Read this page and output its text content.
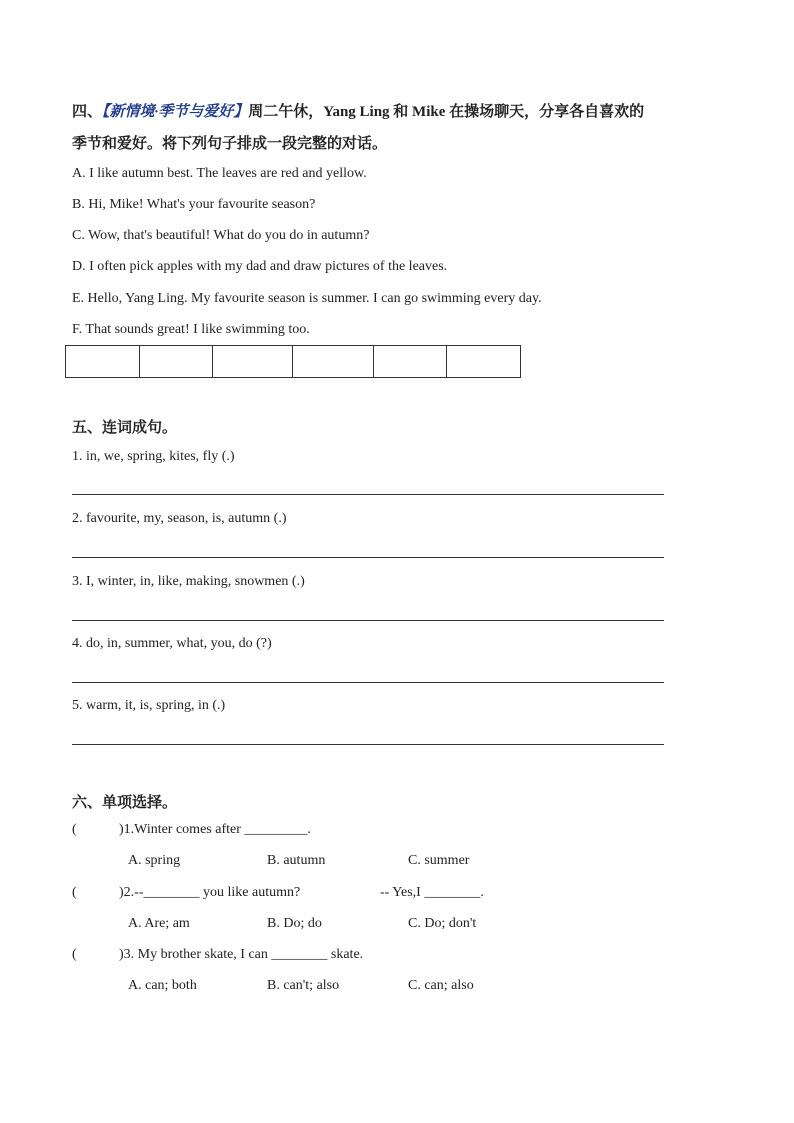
四、【新情境·季节与爱好】周二午休，Yang Ling 和 Mike 在操场聊天，分享各自喜欢的
季节和爱好。将下列句子排成一段完整的对话。
A. I like autumn best. The leaves are red and yellow.
B. Hi, Mike! What's your favourite season?
C. Wow, that's beautiful! What do you do in autumn?
D. I often pick apples with my dad and draw pictures of the leaves.
E. Hello, Yang Ling. My favourite season is summer. I can go swimming every day.
F. That sounds great! I like swimming too.

五、连词成句。
1. in, we, spring, kites, fly (.)
2. favourite, my, season, is, autumn (.)
3. I, winter, in, like, making, snowmen (.)
4. do, in, summer, what, you, do (?)
5. warm, it, is, spring, in (.)
六、单项选择。
(	)1.Winter comes after _________.
A. spring	B. autumn	C. summer
(	)2.--________ you like autumn?	-- Yes,I ________.
A. Are; am	B. Do; do	C. Do; don't
(	)3. My brother skate, I can ________ skate.
A. can; both	B. can't; also	C. can; also
